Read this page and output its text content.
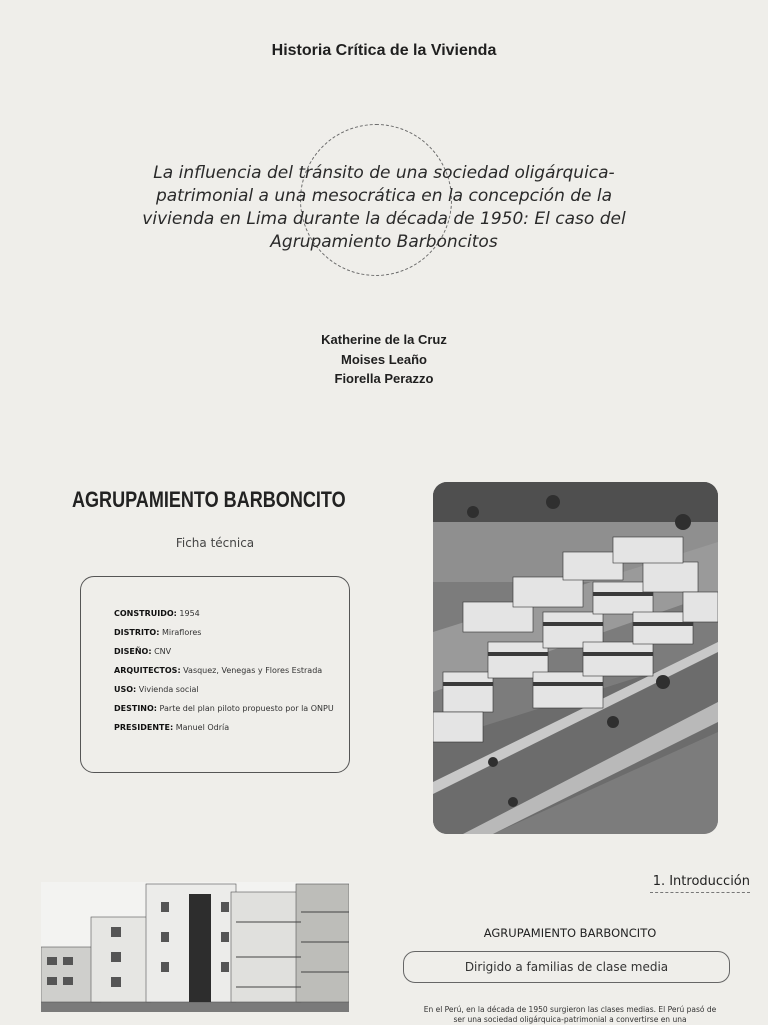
Historia Crítica de la Vivienda
La influencia del tránsito de una sociedad oligárquica-patrimonial a una mesocrática en la concepción de la vivienda en Lima durante la década de 1950: El caso del Agrupamiento Barboncitos
Katherine de la Cruz
Moises Leaño
Fiorella Perazzo
AGRUPAMIENTO BARBONCITO
Ficha técnica
CONSTRUIDO: 1954
DISTRITO: Miraflores
DISEÑO: CNV
ARQUITECTOS: Vasquez, Venegas y Flores Estrada
USO: Vivienda social
DESTINO: Parte del plan piloto propuesto por la ONPU
PRESIDENTE: Manuel Odría
1. Introducción
AGRUPAMIENTO BARBONCITO
Dirigido a familias de clase media
En el Perú, en la década de 1950 surgieron las clases medias. El Perú pasó de ser una sociedad oligárquica-patrimonial a convertirse en una
